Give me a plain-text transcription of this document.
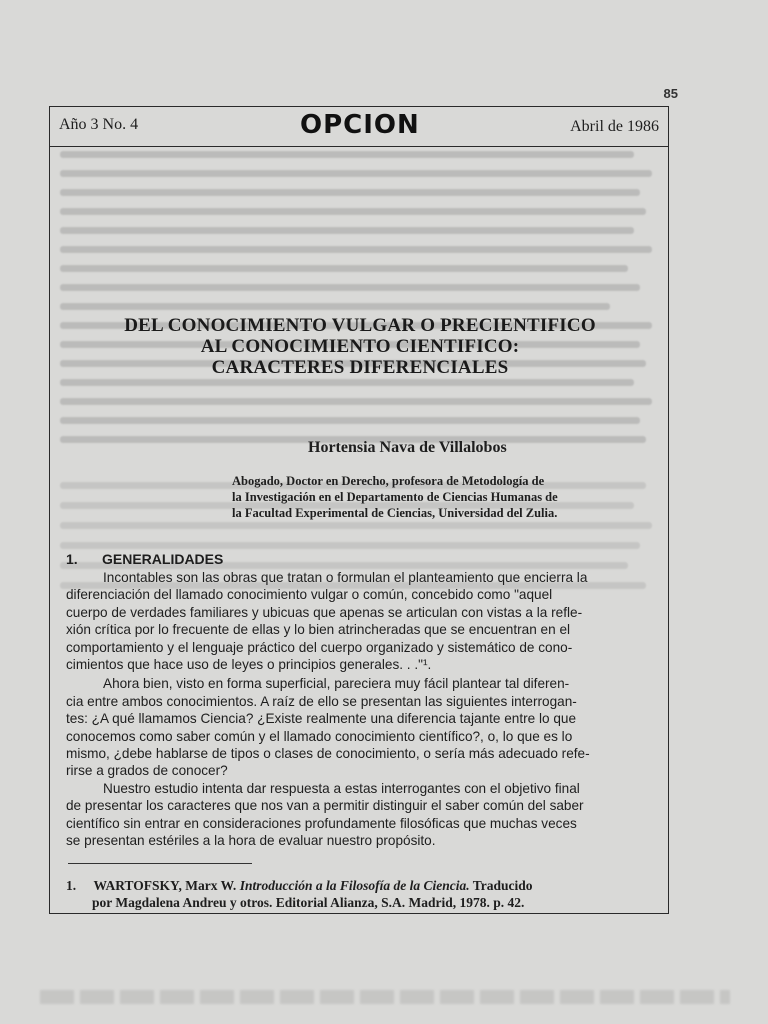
85
Año 3 No. 4	OPCION	Abril de 1986
DEL CONOCIMIENTO VULGAR O PRECIENTIFICO
AL CONOCIMIENTO CIENTIFICO:
CARACTERES DIFERENCIALES
Hortensia Nava de Villalobos
Abogado, Doctor en Derecho, profesora de Metodología de
la Investigación en el Departamento de Ciencias Humanas de
la Facultad Experimental de Ciencias, Universidad del Zulia.
1. GENERALIDADES
Incontables son las obras que tratan o formulan el planteamiento que encierra la
diferenciación del llamado conocimiento vulgar o común, concebido como "aquel
cuerpo de verdades familiares y ubicuas que apenas se articulan con vistas a la refle-
xión crítica por lo frecuente de ellas y lo bien atrincheradas que se encuentran en el
comportamiento y el lenguaje práctico del cuerpo organizado y sistemático de cono-
cimientos que hace uso de leyes o principios generales. . ."¹.
Ahora bien, visto en forma superficial, pareciera muy fácil plantear tal diferen-
cia entre ambos conocimientos. A raíz de ello se presentan las siguientes interrogan-
tes: ¿A qué llamamos Ciencia? ¿Existe realmente una diferencia tajante entre lo que
conocemos como saber común y el llamado conocimiento científico?, o, lo que es lo
mismo, ¿debe hablarse de tipos o clases de conocimiento, o sería más adecuado refe-
rirse a grados de conocer?
Nuestro estudio intenta dar respuesta a estas interrogantes con el objetivo final
de presentar los caracteres que nos van a permitir distinguir el saber común del saber
científico sin entrar en consideraciones profundamente filosóficas que muchas veces
se presentan estériles a la hora de evaluar nuestro propósito.
1. WARTOFSKY, Marx W. Introducción a la Filosofía de la Ciencia. Traducido
por Magdalena Andreu y otros. Editorial Alianza, S.A. Madrid, 1978. p. 42.
